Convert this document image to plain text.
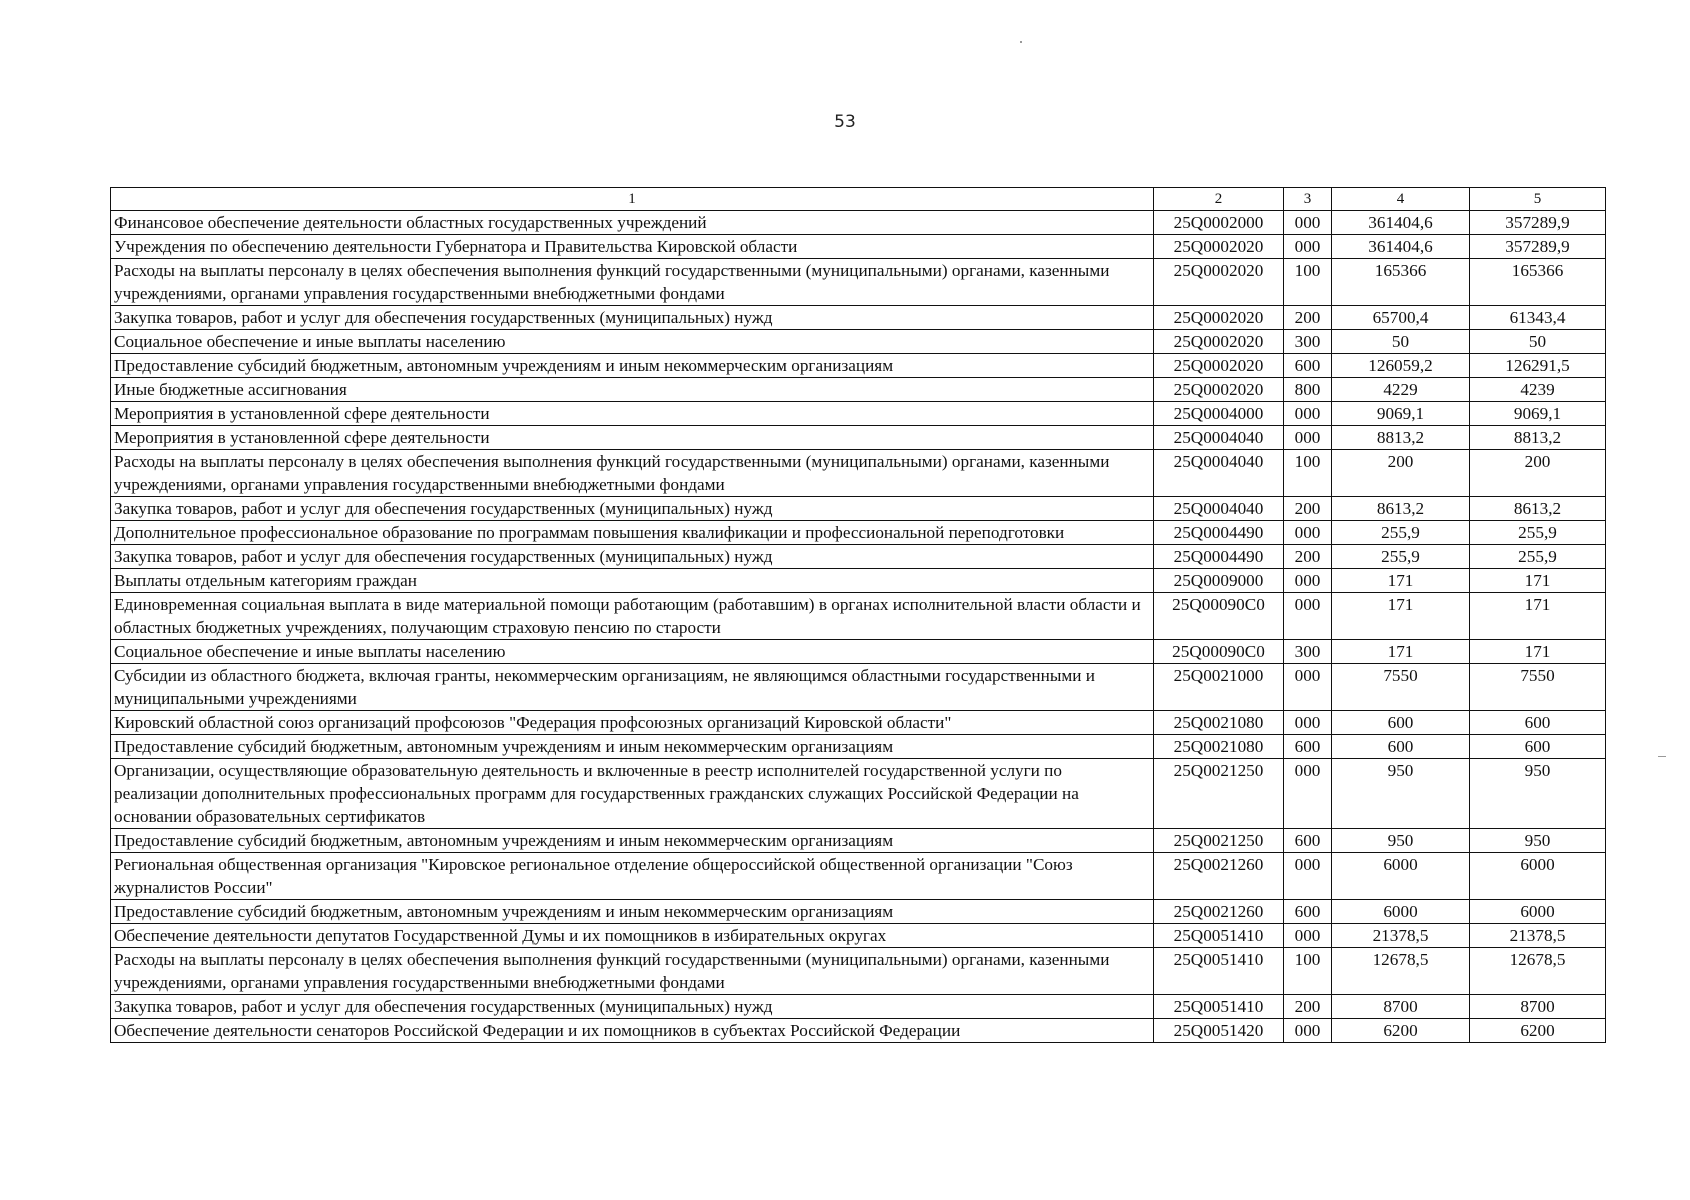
53
1	2	3	4	5
Финансовое обеспечение деятельности областных государственных учреждений	25Q0002000	000	361404,6	357289,9
Учреждения по обеспечению деятельности Губернатора и Правительства Кировской области	25Q0002020	000	361404,6	357289,9
Расходы на выплаты персоналу в целях обеспечения выполнения функций государственными (муниципальными) органами, казенными учреждениями, органами управления государственными внебюджетными фондами	25Q0002020	100	165366	165366
Закупка товаров, работ и услуг для обеспечения государственных (муниципальных) нужд	25Q0002020	200	65700,4	61343,4
Социальное обеспечение и иные выплаты населению	25Q0002020	300	50	50
Предоставление субсидий бюджетным, автономным учреждениям и иным некоммерческим организациям	25Q0002020	600	126059,2	126291,5
Иные бюджетные ассигнования	25Q0002020	800	4229	4239
Мероприятия в установленной сфере деятельности	25Q0004000	000	9069,1	9069,1
Мероприятия в установленной сфере деятельности	25Q0004040	000	8813,2	8813,2
Расходы на выплаты персоналу в целях обеспечения выполнения функций государственными (муниципальными) органами, казенными учреждениями, органами управления государственными внебюджетными фондами	25Q0004040	100	200	200
Закупка товаров, работ и услуг для обеспечения государственных (муниципальных) нужд	25Q0004040	200	8613,2	8613,2
Дополнительное профессиональное образование по программам повышения квалификации и профессиональной переподготовки	25Q0004490	000	255,9	255,9
Закупка товаров, работ и услуг для обеспечения государственных (муниципальных) нужд	25Q0004490	200	255,9	255,9
Выплаты отдельным категориям граждан	25Q0009000	000	171	171
Единовременная социальная выплата в виде материальной помощи работающим (работавшим) в органах исполнительной власти области и областных бюджетных учреждениях, получающим страховую пенсию по старости	25Q00090C0	000	171	171
Социальное обеспечение и иные выплаты населению	25Q00090C0	300	171	171
Субсидии из областного бюджета, включая гранты, некоммерческим организациям, не являющимся областными государственными и муниципальными учреждениями	25Q0021000	000	7550	7550
Кировский областной союз организаций профсоюзов "Федерация профсоюзных организаций Кировской области"	25Q0021080	000	600	600
Предоставление субсидий бюджетным, автономным учреждениям и иным некоммерческим организациям	25Q0021080	600	600	600
Организации, осуществляющие образовательную деятельность и включенные в реестр исполнителей государственной услуги по реализации дополнительных профессиональных программ для государственных гражданских служащих Российской Федерации на основании образовательных сертификатов	25Q0021250	000	950	950
Предоставление субсидий бюджетным, автономным учреждениям и иным некоммерческим организациям	25Q0021250	600	950	950
Региональная общественная организация "Кировское региональное отделение общероссийской общественной организации "Союз журналистов России"	25Q0021260	000	6000	6000
Предоставление субсидий бюджетным, автономным учреждениям и иным некоммерческим организациям	25Q0021260	600	6000	6000
Обеспечение деятельности депутатов Государственной Думы и их помощников в избирательных округах	25Q0051410	000	21378,5	21378,5
Расходы на выплаты персоналу в целях обеспечения выполнения функций государственными (муниципальными) органами, казенными учреждениями, органами управления государственными внебюджетными фондами	25Q0051410	100	12678,5	12678,5
Закупка товаров, работ и услуг для обеспечения государственных (муниципальных) нужд	25Q0051410	200	8700	8700
Обеспечение деятельности сенаторов Российской Федерации и их помощников в субъектах Российской Федерации	25Q0051420	000	6200	6200
